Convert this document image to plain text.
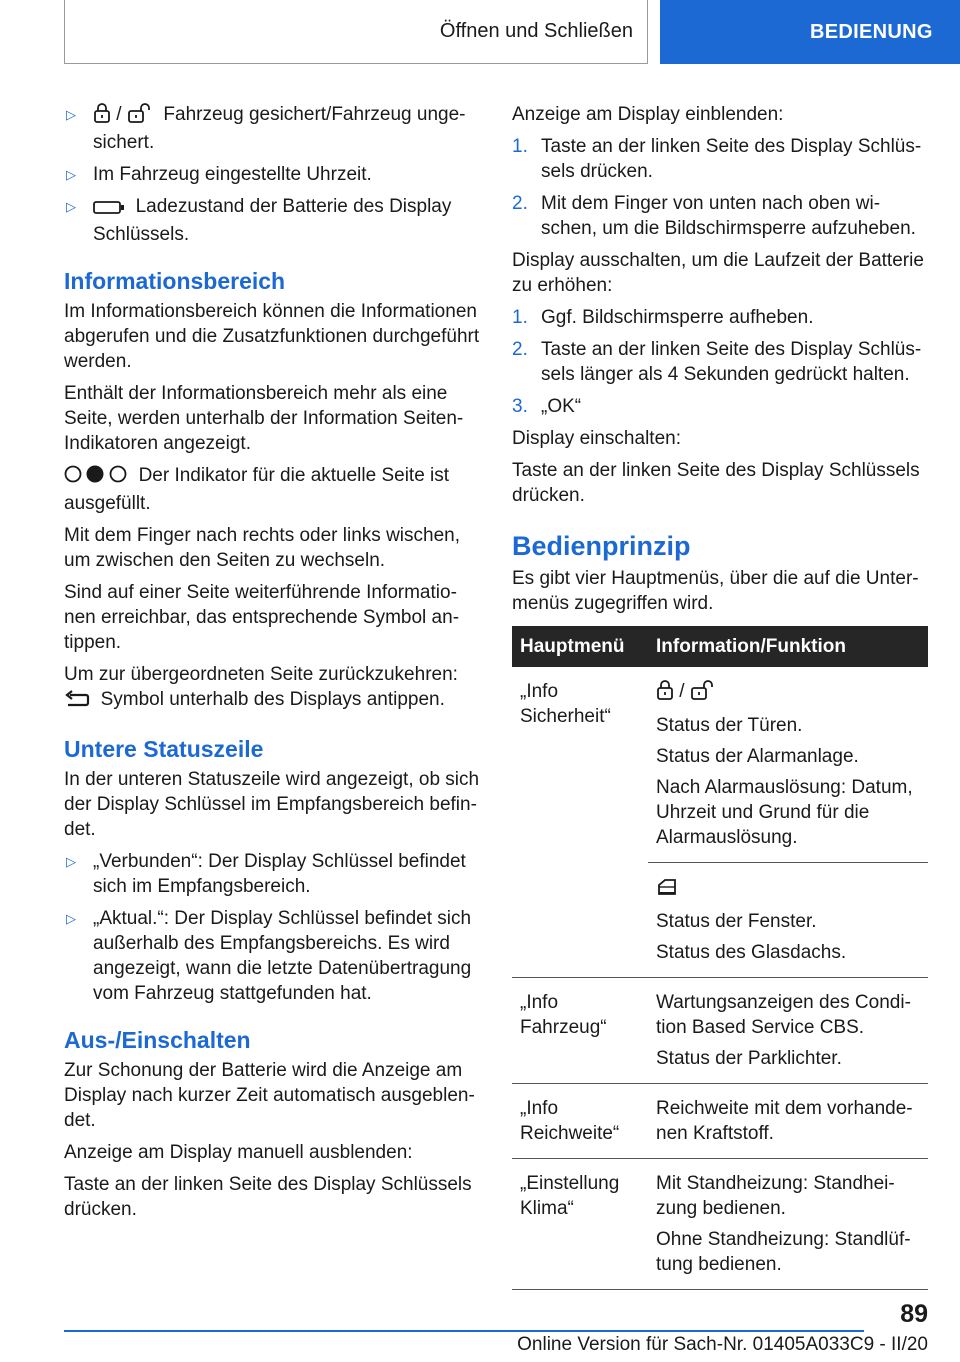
Öffnen und Schließen	BEDIENUNG
▷ / Fahrzeug gesichert/Fahrzeug ungesichert.
▷ Im Fahrzeug eingestellte Uhrzeit.
▷	Ladezustand der Batterie des Display Schlüssels.
Informationsbereich

Im Informationsbereich können die Informationen abgerufen und die Zusatzfunktionen durchgeführt werden.

Enthält der Informationsbereich mehr als eine Seite, werden unterhalb der Information Seiten-Indikatoren angezeigt.

Der Indikator für die aktuelle Seite ist ausgefüllt.

Mit dem Finger nach rechts oder links wischen, um zwischen den Seiten zu wechseln.

Sind auf einer Seite weiterführende Informationen erreichbar, das entsprechende Symbol antippen.

Um zur übergeordneten Seite zurückzukehren:

Symbol unterhalb des Displays antippen.

Untere Statuszeile

In der unteren Statuszeile wird angezeigt, ob sich der Display Schlüssel im Empfangsbereich befindet.

▷ „Verbunden“: Der Display Schlüssel befindet sich im Empfangsbereich.
▷ „Aktual.“: Der Display Schlüssel befindet sich außerhalb des Empfangsbereichs. Es wird angezeigt, wann die letzte Datenübertragung vom Fahrzeug stattgefunden hat.
Aus-/Einschalten

Zur Schonung der Batterie wird die Anzeige am Display nach kurzer Zeit automatisch ausgeblendet.

Anzeige am Display manuell ausblenden:

Taste an der linken Seite des Display Schlüssels drücken.

Anzeige am Display einblenden:

1. Taste an der linken Seite des Display Schlüssels drücken.
2. Mit dem Finger von unten nach oben wischen, um die Bildschirmsperre aufzuheben.

Display ausschalten, um die Laufzeit der Batterie zu erhöhen:

1. Ggf. Bildschirmsperre aufheben.
2. Taste an der linken Seite des Display Schlüssels länger als 4 Sekunden gedrückt halten.
3. „OK“

Display einschalten:

Taste an der linken Seite des Display Schlüssels drücken.

Bedienprinzip

Es gibt vier Hauptmenüs, über die auf die Untermenüs zugegriffen wird.

Hauptmenü	Information/Funktion
„Info Sicherheit“	/

Status der Türen.

Status der Alarmanlage.

Nach Alarmauslösung: Datum, Uhrzeit und Grund für die Alarmauslösung.

	Status der Fenster.

Status des Glasdachs.

„Info Fahrzeug“	Wartungsanzeigen des Condition Based Service CBS.

Status der Parklichter.

„Info Reichweite“	Reichweite mit dem vorhandenen Kraftstoff.

„Einstellung Klima“	Mit Standheizung: Standheizung bedienen.

Ohne Standheizung: Standlüftung bedienen.

89
Online Version für Sach-Nr. 01405A033C9 - II/20
